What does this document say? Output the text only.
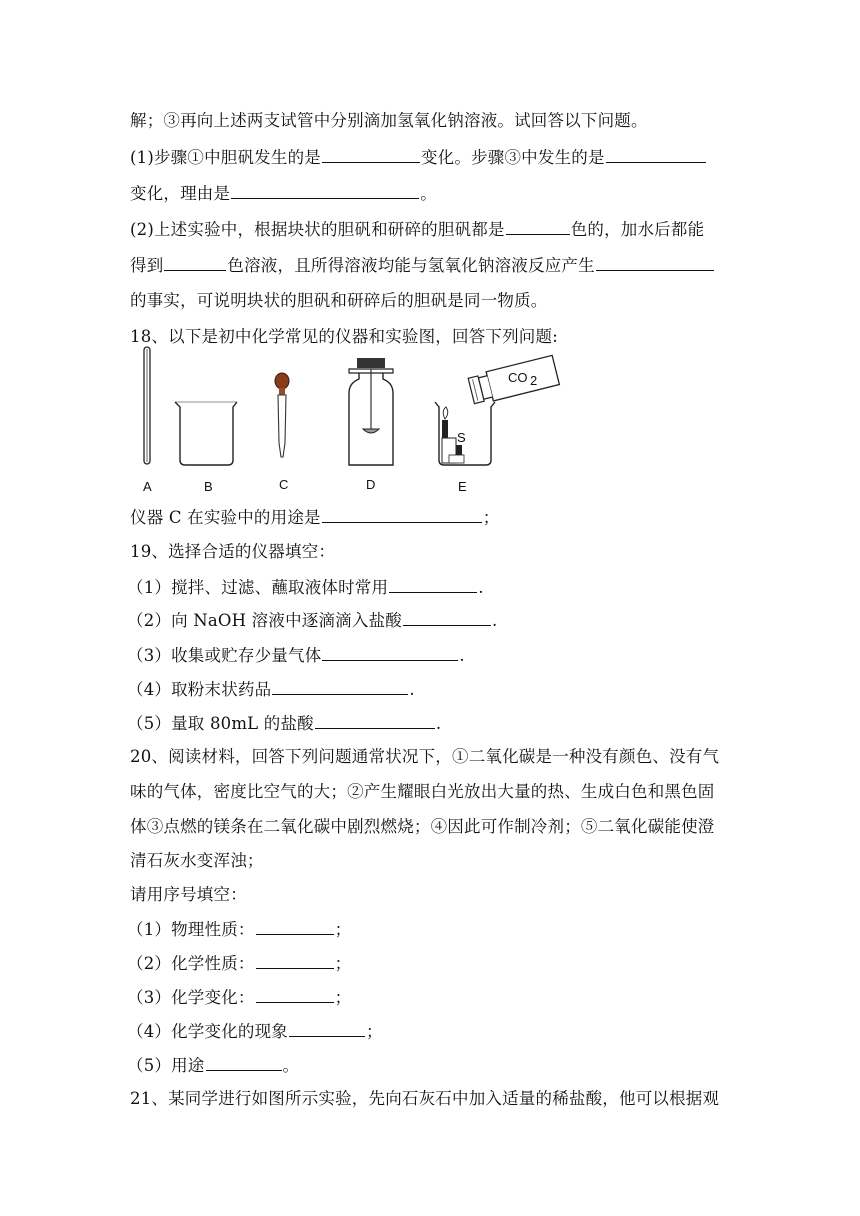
解；③再向上述两支试管中分别滴加氢氧化钠溶液。试回答以下问题。
(1)步骤①中胆矾发生的是	变化。步骤③中发生的是
变化，理由是	。
(2)上述实验中，根据块状的胆矾和研碎的胆矾都是	色的，加水后都能
得到	色溶液，且所得溶液均能与氢氧化钠溶液反应产生
的事实，可说明块状的胆矾和研碎后的胆矾是同一物质。
18、以下是初中化学常见的仪器和实验图，回答下列问题:
S
CO 2
A	B	C	D	E
仪器 C 在实验中的用途是	；
19、选择合适的仪器填空：
（1）搅拌、过滤、蘸取液体时常用	.
（2）向 NaOH 溶液中逐滴滴入盐酸	.
（3）收集或贮存少量气体	.
（4）取粉末状药品	.
（5）量取 80mL 的盐酸	.
20、阅读材料，回答下列问题通常状况下，①二氧化碳是一种没有颜色、没有气
味的气体，密度比空气的大；②产生耀眼白光放出大量的热、生成白色和黑色固
体③点燃的镁条在二氧化碳中剧烈燃烧；④因此可作制冷剂；⑤二氧化碳能使澄
清石灰水变浑浊；
请用序号填空：
（1）物理性质：	；
（2）化学性质：	；
（3）化学变化：	；
（4）化学变化的现象	；
（5）用途	。
21、某同学进行如图所示实验，先向石灰石中加入适量的稀盐酸，他可以根据观
